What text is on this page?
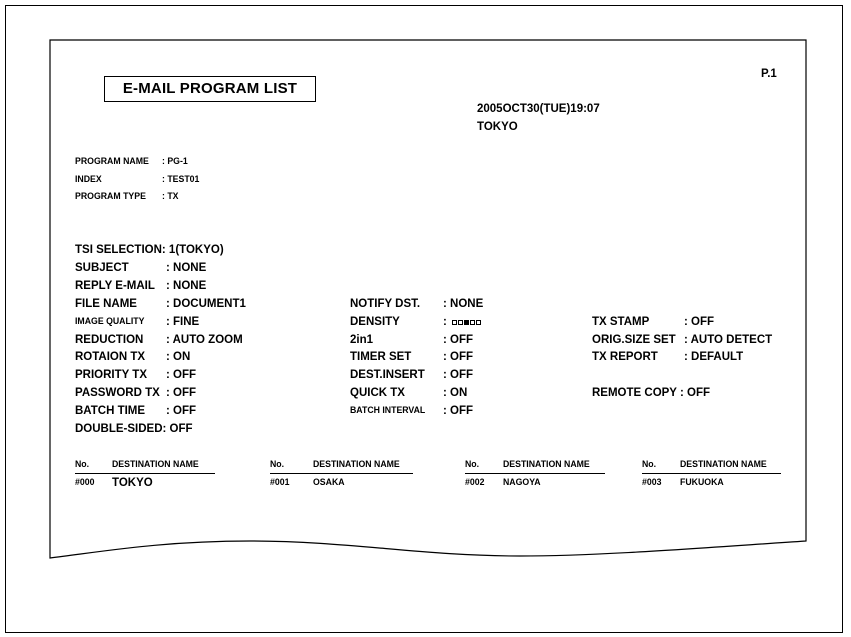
E-MAIL PROGRAM LIST
P.1
2005OCT30(TUE)19:07
TOKYO
PROGRAM NAME : PG-1
INDEX	: TEST01
PROGRAM TYPE : TX
TSI SELECTION: 1(TOKYO)
SUBJECT	: NONE
REPLY E-MAIL : NONE
FILE NAME	: DOCUMENT1
IMAGE QUALITY : FINE
REDUCTION : AUTO ZOOM
ROTAION TX : ON
PRIORITY TX : OFF
PASSWORD TX : OFF
BATCH TIME : OFF
DOUBLE-SIDED: OFF
NOTIFY DST. : NONE
DENSITY	:
2in1	: OFF
TIMER SET	: OFF
DEST.INSERT : OFF
QUICK TX	: ON
BATCH INTERVAL : OFF
TX STAMP	: OFF
ORIG.SIZE SET : AUTO DETECT
TX REPORT : DEFAULT
REMOTE COPY : OFF
No. DESTINATION NAME	No.	DESTINATION NAME	No.	DESTINATION NAME	No.	DESTINATION NAME
#000 TOKYO	#001 OSAKA	#002 NAGOYA	#003 FUKUOKA
